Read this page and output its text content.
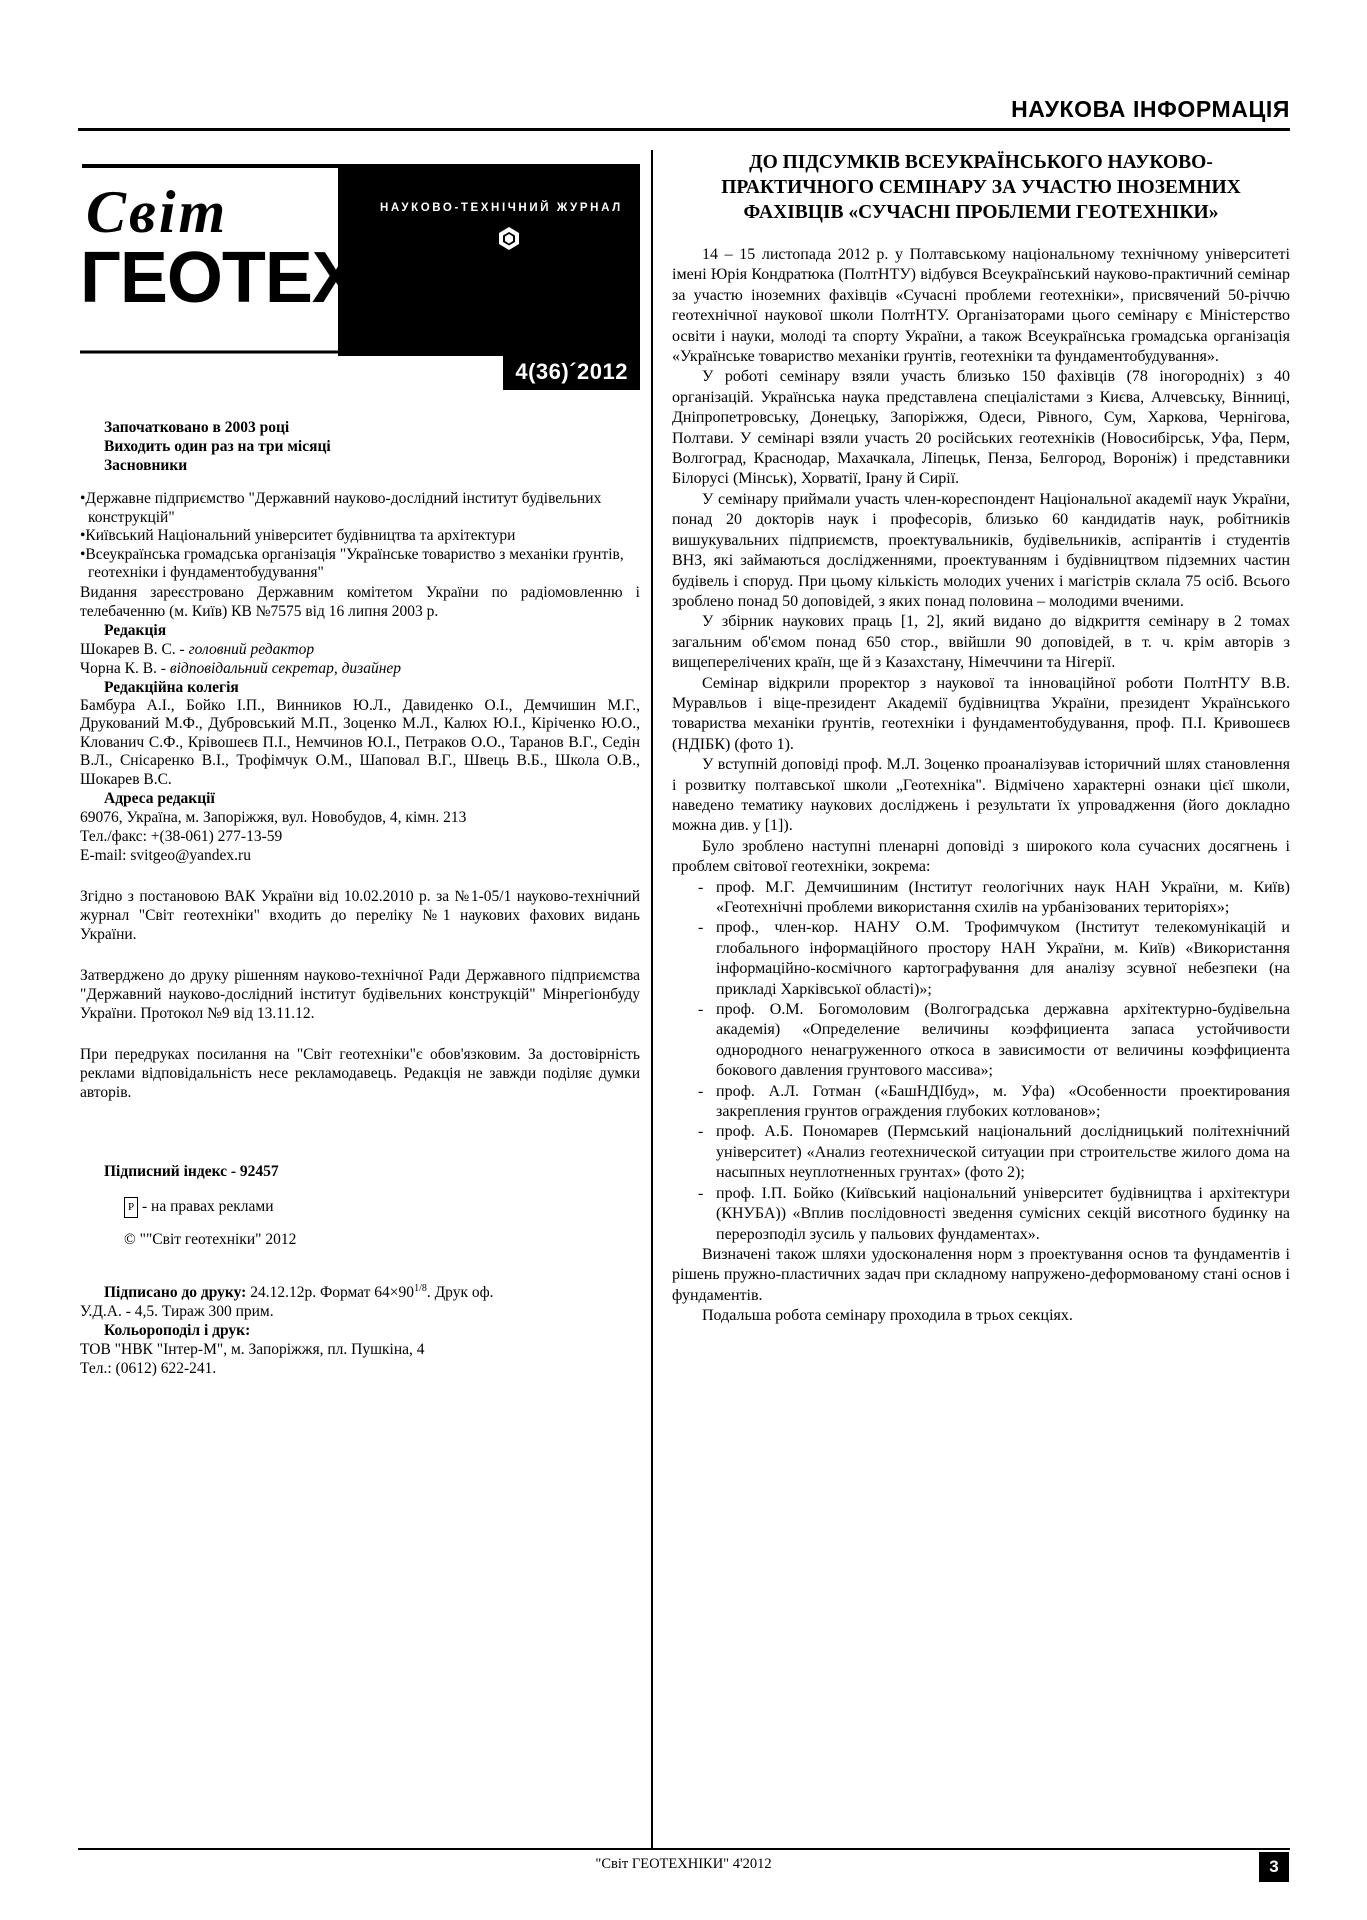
НАУКОВА ІНФОРМАЦІЯ
Світ	НАУКОВО-ТЕХНІЧНИЙ ЖУРНАЛ
ГЕОТЕХНІКИ
4(36)´2012

Започатковано в 2003 році

Виходить один раз на три місяці

Засновники

•Державне підприємство "Державний науково-дослідний інститут будівельних конструкцій"

•Київський Національний університет будівництва та архітектури

•Всеукраїнська громадська організація "Українське товариство з механіки ґрунтів, геотехніки і фундаментобудування"

Видання зареєстровано Державним комітетом України по радіомовленню і телебаченню (м. Київ) КВ №7575 від 16 липня 2003 р.

Редакція

Шокарев В. С. - головний редактор

Чорна К. В. - відповідальний секретар, дизайнер

Редакційна колегія

Бамбура А.І., Бойко І.П., Винников Ю.Л., Давиденко О.І., Демчишин М.Г., Друкований М.Ф., Дубровський М.П., Зоценко М.Л., Калюх Ю.І., Кіріченко Ю.О., Клованич С.Ф., Крівошеєв П.І., Немчинов Ю.І., Петраков О.О., Таранов В.Г., Седін В.Л., Снісаренко В.І., Трофімчук О.М., Шаповал В.Г., Швець В.Б., Школа О.В., Шокарев В.С.

Адреса редакції

69076, Україна, м. Запоріжжя, вул. Новобудов, 4, кімн. 213

Тел./факс: +(38-061) 277-13-59

E-mail: svitgeo@yandex.ru

Згідно з постановою ВАК України від 10.02.2010 р. за №1-05/1 науково-технічний журнал "Світ геотехніки" входить до переліку №1 наукових фахових видань України.

Затверджено до друку рішенням науково-технічної Ради Державного підприємства "Державний науково-дослідний інститут будівельних конструкцій" Мінрегіонбуду України. Протокол №9 від 13.11.12.

При передруках посилання на "Світ геотехніки"є обов'язковим. За достовірність реклами відповідальність несе рекламодавець. Редакція не завжди поділяє думки авторів.

Підписний індекс - 92457

P - на правах реклами

© ""Світ геотехніки" 2012

Підписано до друку: 24.12.12р. Формат $64\times 90^{1/8}$. Друк оф.

У.Д.А. - 4,5. Тираж 300 прим.

Кольороподіл і друк:

ТОВ "НВК "Інтер-М", м. Запоріжжя, пл. Пушкіна, 4

Тел.: (0612) 622-241.

ДО ПІДСУМКІВ ВСЕУКРАЇНСЬКОГО НАУКОВО-ПРАКТИЧНОГО СЕМІНАРУ ЗА УЧАСТЮ ІНОЗЕМНИХ ФАХІВЦІВ «СУЧАСНІ ПРОБЛЕМИ ГЕОТЕХНІКИ»

14 – 15 листопада 2012 р. у Полтавському національному технічному університеті імені Юрія Кондратюка (ПолтНТУ) відбувся Всеукраїнський науково-практичний семінар за участю іноземних фахівців «Сучасні проблеми геотехніки», присвячений 50-річчю геотехнічної наукової школи ПолтНТУ. Організаторами цього семінару є Міністерство освіти і науки, молоді та спорту України, а також Всеукраїнська громадська організація «Українське товариство механіки ґрунтів, геотехніки та фундаментобудування».

У роботі семінару взяли участь близько 150 фахівців (78 іногородніх) з 40 організацій. Українська наука представлена спеціалістами з Києва, Алчевську, Вінниці, Дніпропетровську, Донецьку, Запоріжжя, Одеси, Рівного, Сум, Харкова, Чернігова, Полтави. У семінарі взяли участь 20 російських геотехніків (Новосибірськ, Уфа, Перм, Волгоград, Краснодар, Махачкала, Ліпецьк, Пенза, Белгород, Вороніж) і представники Білорусі (Мінськ), Хорватії, Ірану й Сирії.

У семінару приймали участь член-кореспондент Національної академії наук України, понад 20 докторів наук і професорів, близько 60 кандидатів наук, робітників вишукувальних підприємств, проектувальників, будівельників, аспірантів і студентів ВНЗ, які займаються дослідженнями, проектуванням і будівництвом підземних частин будівель і споруд. При цьому кількість молодих учених і магістрів склала 75 осіб. Всього зроблено понад 50 доповідей, з яких понад половина – молодими вченими.

У збірник наукових праць [1, 2], який видано до відкриття семінару в 2 томах загальним об'ємом понад 650 стор., ввійшли 90 доповідей, в т. ч. крім авторів з вищеперелічених країн, ще й з Казахстану, Німеччини та Нігерії.

Семінар відкрили проректор з наукової та інноваційної роботи ПолтНТУ В.В. Муравльов і віце-президент Академії будівництва України, президент Українського товариства механіки ґрунтів, геотехніки і фундаментобудування, проф. П.І. Кривошеєв (НДІБК) (фото 1).

У вступній доповіді проф. М.Л. Зоценко проаналізував історичний шлях становлення і розвитку полтавської школи „Геотехніка". Відмічено характерні ознаки цієї школи, наведено тематику наукових досліджень і результати їх упровадження (його докладно можна див. у [1]).

Було зроблено наступні пленарні доповіді з широкого кола сучасних досягнень і проблем світової геотехніки, зокрема:

- проф. М.Г. Демчишиним (Інститут геологічних наук НАН України, м. Київ) «Геотехнічні проблеми використання схилів на урбанізованих територіях»;
- проф., член-кор. НАНУ О.М. Трофимчуком (Інститут телекомунікацій и глобального інформаційного простору НАН України, м. Київ) «Використання інформаційно-космічного картографування для аналізу зсувної небезпеки (на прикладі Харківської області)»;
- проф. О.М. Богомоловим (Волгоградська державна архітектурно-будівельна академія) «Определение величины коэффициента запаса устойчивости однородного ненагруженного откоса в зависимости от величины коэффициента бокового давления грунтового массива»;
- проф. А.Л. Готман («БашНДІбуд», м. Уфа) «Особенности проектирования закрепления грунтов ограждения глубоких котлованов»;
- проф. А.Б. Пономарев (Пермський національний дослідницький політехнічний університет) «Анализ геотехнической ситуации при строительстве жилого дома на насыпных неуплотненных грунтах» (фото 2);
- проф. І.П. Бойко (Київський національний університет будівництва і архітектури (КНУБА)) «Вплив послідовності зведення сумісних секцій висотного будинку на перерозподіл зусиль у пальових фундаментах».

Визначені також шляхи удосконалення норм з проектування основ та фундаментів і рішень пружно-пластичних задач при складному напружено-деформованому стані основ і фундаментів.

Подальша робота семінару проходила в трьох секціях.

"Світ ГЕОТЕХНІКИ" 4'2012	3
